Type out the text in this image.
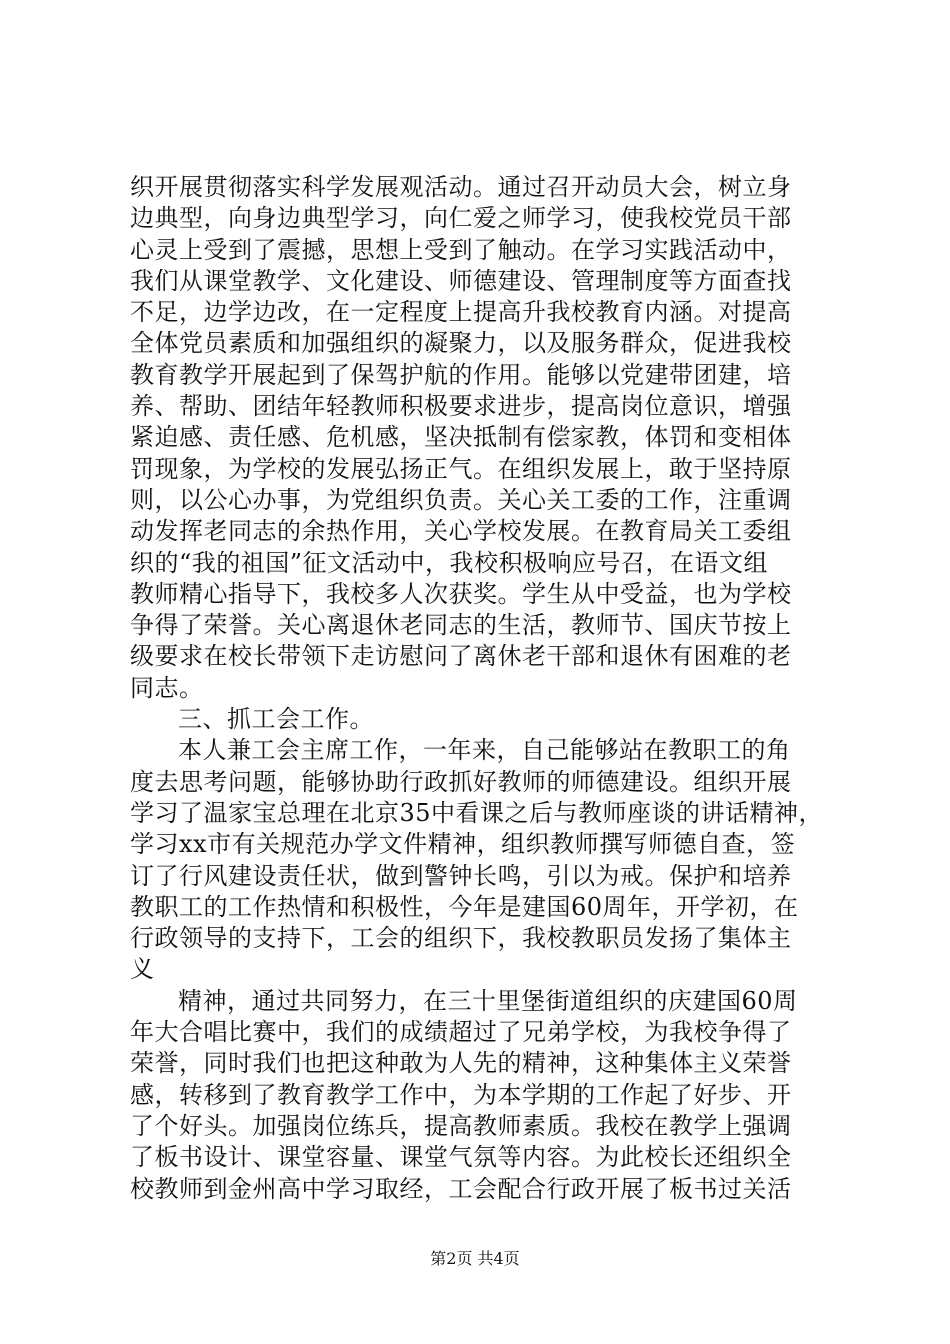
织开展贯彻落实科学发展观活动。通过召开动员大会，树立身
边典型，向身边典型学习，向仁爱之师学习，使我校党员干部
心灵上受到了震撼，思想上受到了触动。在学习实践活动中，
我们从课堂教学、文化建设、师德建设、管理制度等方面查找
不足，边学边改，在一定程度上提高升我校教育内涵。对提高
全体党员素质和加强组织的凝聚力，以及服务群众，促进我校
教育教学开展起到了保驾护航的作用。能够以党建带团建，培
养、帮助、团结年轻教师积极要求进步，提高岗位意识，增强
紧迫感、责任感、危机感，坚决抵制有偿家教，体罚和变相体
罚现象，为学校的发展弘扬正气。在组织发展上，敢于坚持原
则，以公心办事，为党组织负责。关心关工委的工作，注重调
动发挥老同志的余热作用，关心学校发展。在教育局关工委组
织的“我的祖国”征文活动中，我校积极响应号召，在语文组
教师精心指导下，我校多人次获奖。学生从中受益，也为学校
争得了荣誉。关心离退休老同志的生活，教师节、国庆节按上
级要求在校长带领下走访慰问了离休老干部和退休有困难的老
同志。
三、抓工会工作。
本人兼工会主席工作，一年来，自己能够站在教职工的角
度去思考问题，能够协助行政抓好教师的师德建设。组织开展
学习了温家宝总理在北京35中看课之后与教师座谈的讲话精神，
学习xx市有关规范办学文件精神，组织教师撰写师德自查，签
订了行风建设责任状，做到警钟长鸣，引以为戒。保护和培养
教职工的工作热情和积极性，今年是建国60周年，开学初，在
行政领导的支持下，工会的组织下，我校教职员发扬了集体主
义
精神，通过共同努力，在三十里堡街道组织的庆建国60周
年大合唱比赛中，我们的成绩超过了兄弟学校，为我校争得了
荣誉，同时我们也把这种敢为人先的精神，这种集体主义荣誉
感，转移到了教育教学工作中，为本学期的工作起了好步、开
了个好头。加强岗位练兵，提高教师素质。我校在教学上强调
了板书设计、课堂容量、课堂气氛等内容。为此校长还组织全
校教师到金州高中学习取经，工会配合行政开展了板书过关活
第2页 共4页
